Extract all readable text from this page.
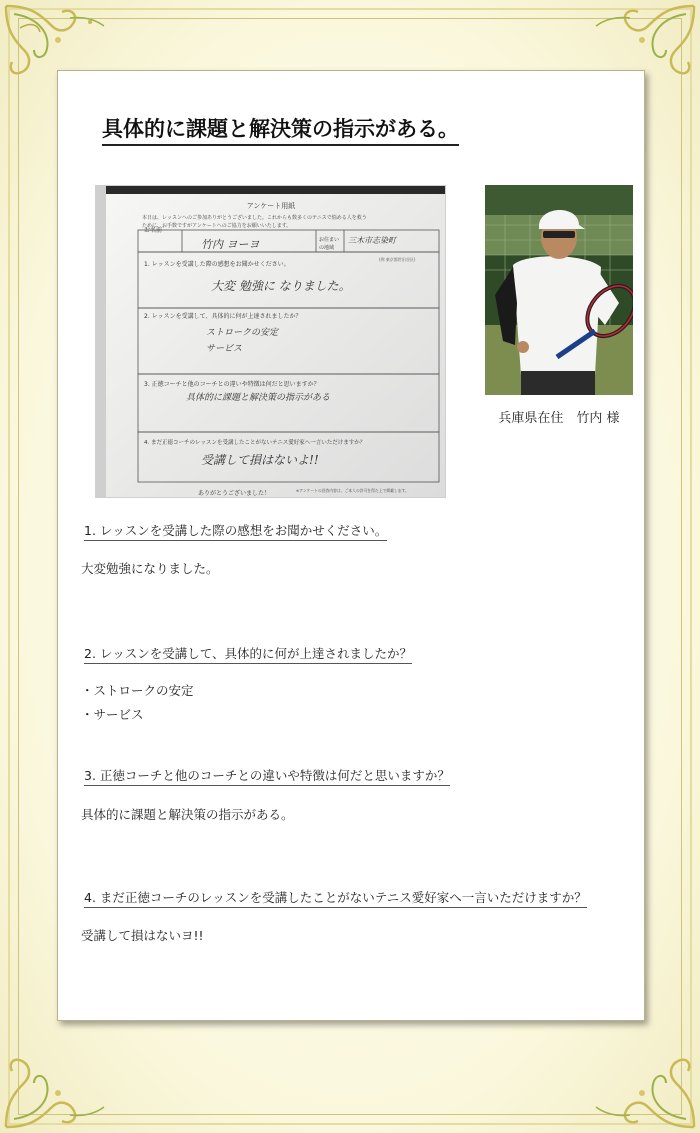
具体的に課題と解決策の指示がある。
アンケート用紙
本日は、レッスンへのご参加ありがとうございました。これからも数多くのテニスで悩める人を救う
ために、お手数ですがアンケートへのご協力をお願いいたします。
お名前
竹内 ヨーヨ	お住まい
の地域
三木市志染町
(例 東京都世田谷区)
1. レッスンを受講した際の感想をお聞かせください。
大変 勉強に なりました。
2. レッスンを受講して、具体的に何が上達されましたか？
ストロークの安定
サービス
3. 正徳コーチと他のコーチとの違いや特徴は何だと思いますか？
具体的に課題と解決策の指示がある
4. まだ正徳コーチのレッスンを受講したことがないテニス愛好家へ一言いただけますか？
受講して損はないよ!!
ありがとうございました！	※アンケートの回答内容は、ご本人の許可を得た上で掲載します。
兵庫県在住　竹内 様
1. レッスンを受講した際の感想をお聞かせください。
大変勉強になりました。
2. レッスンを受講して、具体的に何が上達されましたか？
・ストロークの安定
・サービス
3. 正徳コーチと他のコーチとの違いや特徴は何だと思いますか？
具体的に課題と解決策の指示がある。
4. まだ正徳コーチのレッスンを受講したことがないテニス愛好家へ一言いただけますか？
受講して損はないヨ!!
